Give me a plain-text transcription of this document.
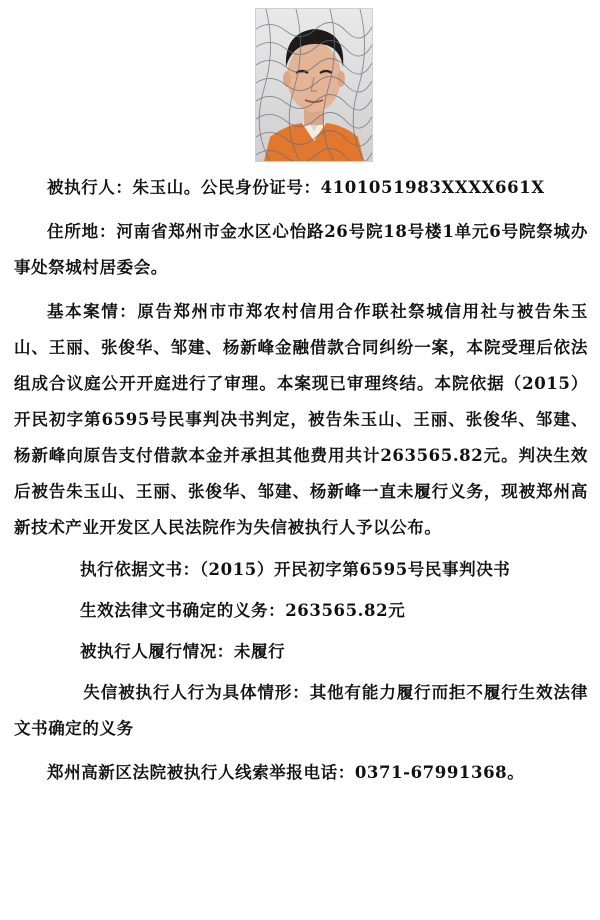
被执行人：朱玉山。公民身份证号：4101051983XXXX661X

住所地：河南省郑州市金水区心怡路26号院18号楼1单元6号院祭城办事处祭城村居委会。

基本案情：原告郑州市市郑农村信用合作联社祭城信用社与被告朱玉山、王丽、张俊华、邹建、杨新峰金融借款合同纠纷一案，本院受理后依法组成合议庭公开开庭进行了审理。本案现已审理终结。本院依据（2015）开民初字第6595号民事判决书判定，被告朱玉山、王丽、张俊华、邹建、杨新峰向原告支付借款本金并承担其他费用共计263565.82元。判决生效后被告朱玉山、王丽、张俊华、邹建、杨新峰一直未履行义务，现被郑州高新技术产业开发区人民法院作为失信被执行人予以公布。

执行依据文书：（2015）开民初字第6595号民事判决书

生效法律文书确定的义务：263565.82元

被执行人履行情况：未履行

失信被执行人行为具体情形：其他有能力履行而拒不履行生效法律文书确定的义务

郑州高新区法院被执行人线索举报电话：0371-67991368。
